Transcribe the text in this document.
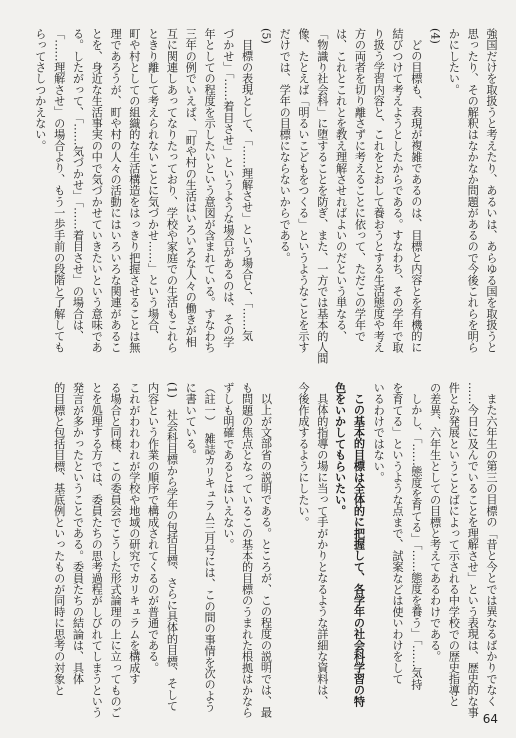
強国だけを取扱うと考えたり、あるいは、あらゆる国を取扱うと
思ったり、その解釈はなかなか問題があるので今後これらを明ら
かにしたい。
(4)
どの目標も、表現が複雑であるのは、目標と内容とを有機的に
結びつけて考えようとしたからである。すなわち、その学年で取
り扱う学習内容と、これをとおして養おうとする生活態度や考え
方の両者を切り離さずに考えることに依って、ただこの学年で
は、これとこれとを教え理解させればよいのだという単なる、
「物識り社会科」に堕することを防ぎ、また、一方では基本的人間
像、たとえば「明るいこどもをつくる」というようなことを示す
だけでは、学年の目標にならないからである。
(5)
目標の表現として、「……理解させ」という場合と、「……気
づかせ」「……着目させ」というような場合があるのは、その学
年としての程度を示したいという意図が含まれている。すなわち
三年の例でいえば、「町や村の生活はいろいろな人々の働きが相
互に関連しあってなりたっており、学校や家庭での生活もこれら
ときり離して考えられないことに気づかせ……」という場合、
町や村としての組織的な生活構造をはっきり把握させることは無
理であろうが、町や村の人々の活動にはいろいろな関連があるこ
とを、身近な生活事実の中で気づかせていきたいという意味であ
る。したがって、「……気づかせ」「……着目させ」の場合は、
「……理解させ」の場合より、もう一歩手前の段階と了解しても
らってさしつかえない。
また六年生の第三の目標の「昔と今とでは異なるばかりでなく
……今日に及んでいることを理解させ」という表現は、歴史的な事
件とか発展ということばによって示される中学校での歴史指導と
の差異、六年生としての目標と考えてあるわけである。
しかし、「……態度を育てる」「……態度を養う」「……気持
を育てる」というような点まで、試案などは使いわけをして
いるわけではない。
この基本的目標は全体的に把握して、各学年の社会科学習の特
色をいかしてもらいたい。
具体的指導の場に当って手がかりとなるような詳細な資料は、
今後作成するようにしたい。
以上が文部省の説明である。ところが、この程度の説明では、最
も問題の焦点となっているこの基本的目標のうまれた根拠はかなら
ずしも明確であるとはいえない。
（註一）　雑誌カリキュラム三月号には、この間の事情を次のよう
に書いている。
(1)　社会科目標から学年の包括目標、さらに具体的目標、そして
内容という作業の順序で構成されてくるのが普通である。
これがわれわれが学校や地域の研究でカリキュラムを構成す
る場合と同様、この委員会でこうした形式論理の上に立ってものご
とを処理する方では、委員たちの思考過程がしびれてしまうという
発言が多かったということである。委員たちの結論は、具体
的目標と包括目標、基底例といったものが同時に思考の対象と
64
